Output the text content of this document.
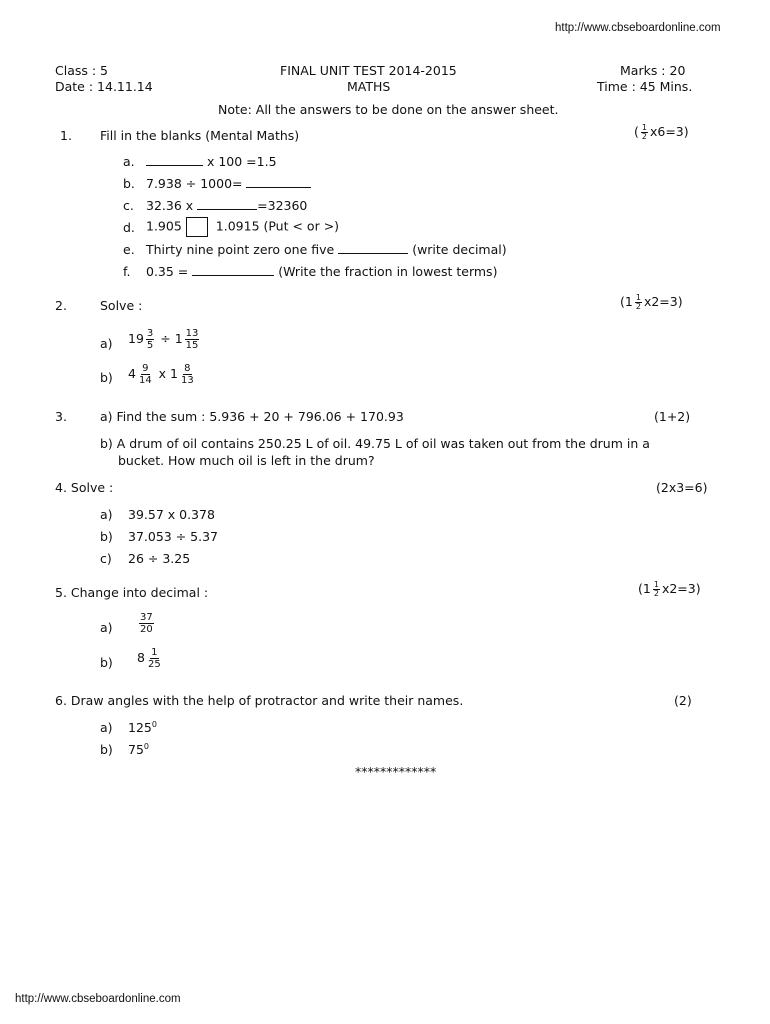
http://www.cbseboardonline.com
Class : 5
Date : 14.11.14
FINAL UNIT TEST 2014-2015
MATHS
Marks : 20
Time : 45 Mins.
Note: All the answers to be done on the answer sheet.
1. Fill in the blanks (Mental Maths)	( $\frac{1}{2} x6=3$)
a.	x 100 =1.5
b. 7.938 ÷ 1000=
c. 32.36 x	=32360
d. 1.905	1.0915 (Put < or >)
e. Thirty nine point zero one five	(write decimal)
f. 0.35 =	(Write the fraction in lowest terms)
2.	Solve :	$(1 \frac{1}{2} x2=3)$
a) $19 \frac{3}{5} \div 1 \frac{13}{15}$
b) $4 \frac{9}{14}$ x $1 \frac{8}{13}$
3.	a) Find the sum : 5.936 + 20 + 796.06 + 170.93	(1+2)
b) A drum of oil contains 250.25 L of oil. 49.75 L of oil was taken out from the drum in a
bucket. How much oil is left in the drum?
4. Solve :	(2x3=6)
a) 39.57 x 0.378
b) 37.053 ÷ 5.37
c) 26 ÷ 3.25
5. Change into decimal :	$(1 \frac{1}{2} x2=3)$
a)	$\frac{37}{20}$
b) $8 \frac{1}{25}$
6. Draw angles with the help of protractor and write their names.	(2)
a) $125^0$
b) $75^0$
*************
http://www.cbseboardonline.com
